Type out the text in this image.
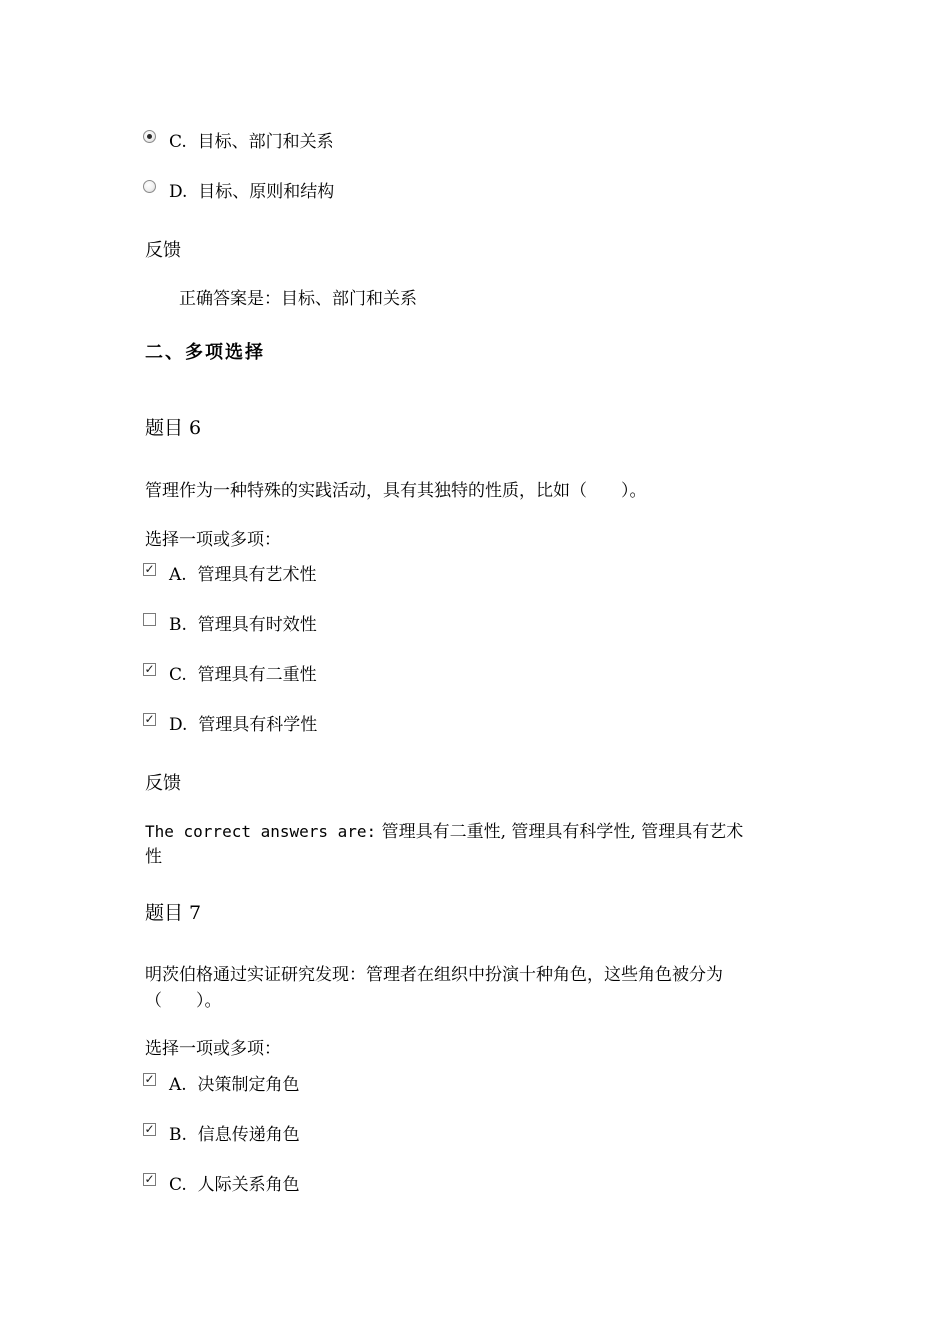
C. 目标、部门和关系
D. 目标、原则和结构
反馈
正确答案是：目标、部门和关系
二、多项选择
题目 6
管理作为一种特殊的实践活动，具有其独特的性质，比如（　　）。
选择一项或多项：
✓ A. 管理具有艺术性
B. 管理具有时效性
✓ C. 管理具有二重性
✓ D. 管理具有科学性
反馈
The correct answers are: 管理具有二重性, 管理具有科学性, 管理具有艺术
性
题目 7
明茨伯格通过实证研究发现：管理者在组织中扮演十种角色，这些角色被分为
（　　）。
选择一项或多项：
✓ A. 决策制定角色
✓ B. 信息传递角色
✓ C. 人际关系角色
